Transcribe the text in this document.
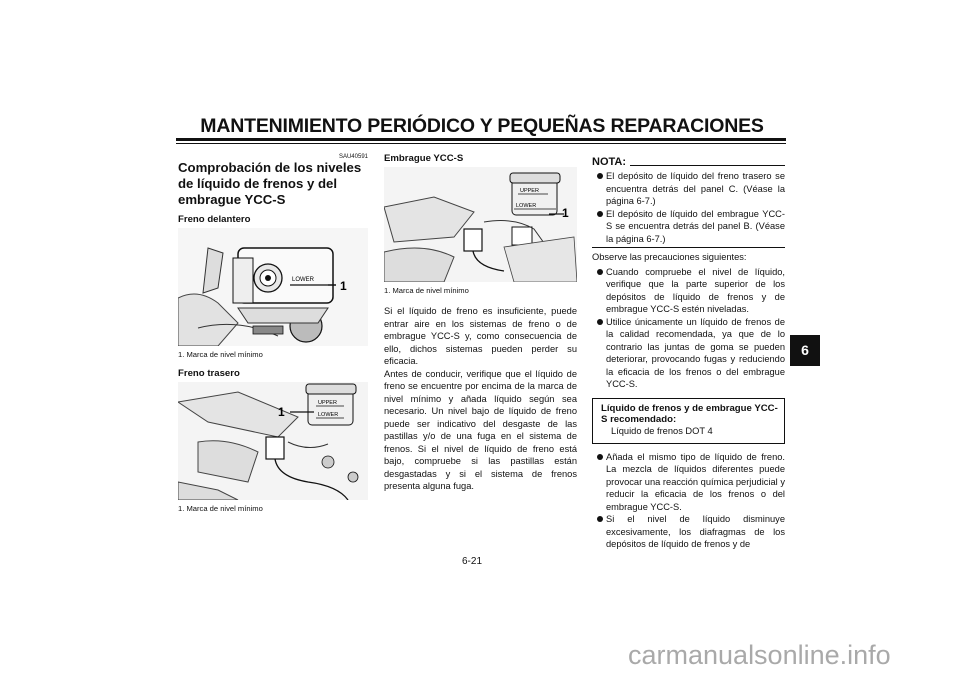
MANTENIMIENTO PERIÓDICO Y PEQUEÑAS REPARACIONES

SAU40591

Comprobación de los niveles de líquido de frenos y del embrague YCC-S

Freno delantero

LOWER 1

1. Marca de nivel mínimo

Freno trasero

UPPER
LOWER
1

1. Marca de nivel mínimo

Embrague YCC-S

UPPER
LOWER 1

1. Marca de nivel mínimo

Si el líquido de freno es insuficiente, puede entrar aire en los sistemas de freno o de embrague YCC-S y, como consecuencia de ello, dichos sistemas pueden perder su eficacia.

Antes de conducir, verifique que el líquido de freno se encuentre por encima de la marca de nivel mínimo y añada líquido según sea necesario. Un nivel bajo de líquido de freno puede ser indicativo del desgaste de las pastillas y/o de una fuga en el sistema de frenos. Si el nivel de líquido de freno está bajo, compruebe si las pastillas están desgastadas y si el sistema de frenos presenta alguna fuga.

NOTA:
El depósito de líquido del freno trasero se encuentra detrás del panel C. (Véase la página 6-7.)
El depósito de líquido del embrague YCC-S se encuentra detrás del panel B. (Véase la página 6-7.)

Observe las precauciones siguientes:

Cuando compruebe el nivel de líquido, verifique que la parte superior de los depósitos de líquido de frenos y de embrague YCC-S estén niveladas.
Utilice únicamente un líquido de frenos de la calidad recomendada, ya que de lo contrario las juntas de goma se pueden deteriorar, provocando fugas y reduciendo la eficacia de los frenos o del embrague YCC-S.

Líquido de frenos y de embrague YCC-S recomendado:

Líquido de frenos DOT 4

Añada el mismo tipo de líquido de freno. La mezcla de líquidos diferentes puede provocar una reacción química perjudicial y reducir la eficacia de los frenos o del embrague YCC-S.
Si el nivel de líquido disminuye excesivamente, los diafragmas de los depósitos de líquido de frenos y de
6-21
6
carmanualsonline.info
